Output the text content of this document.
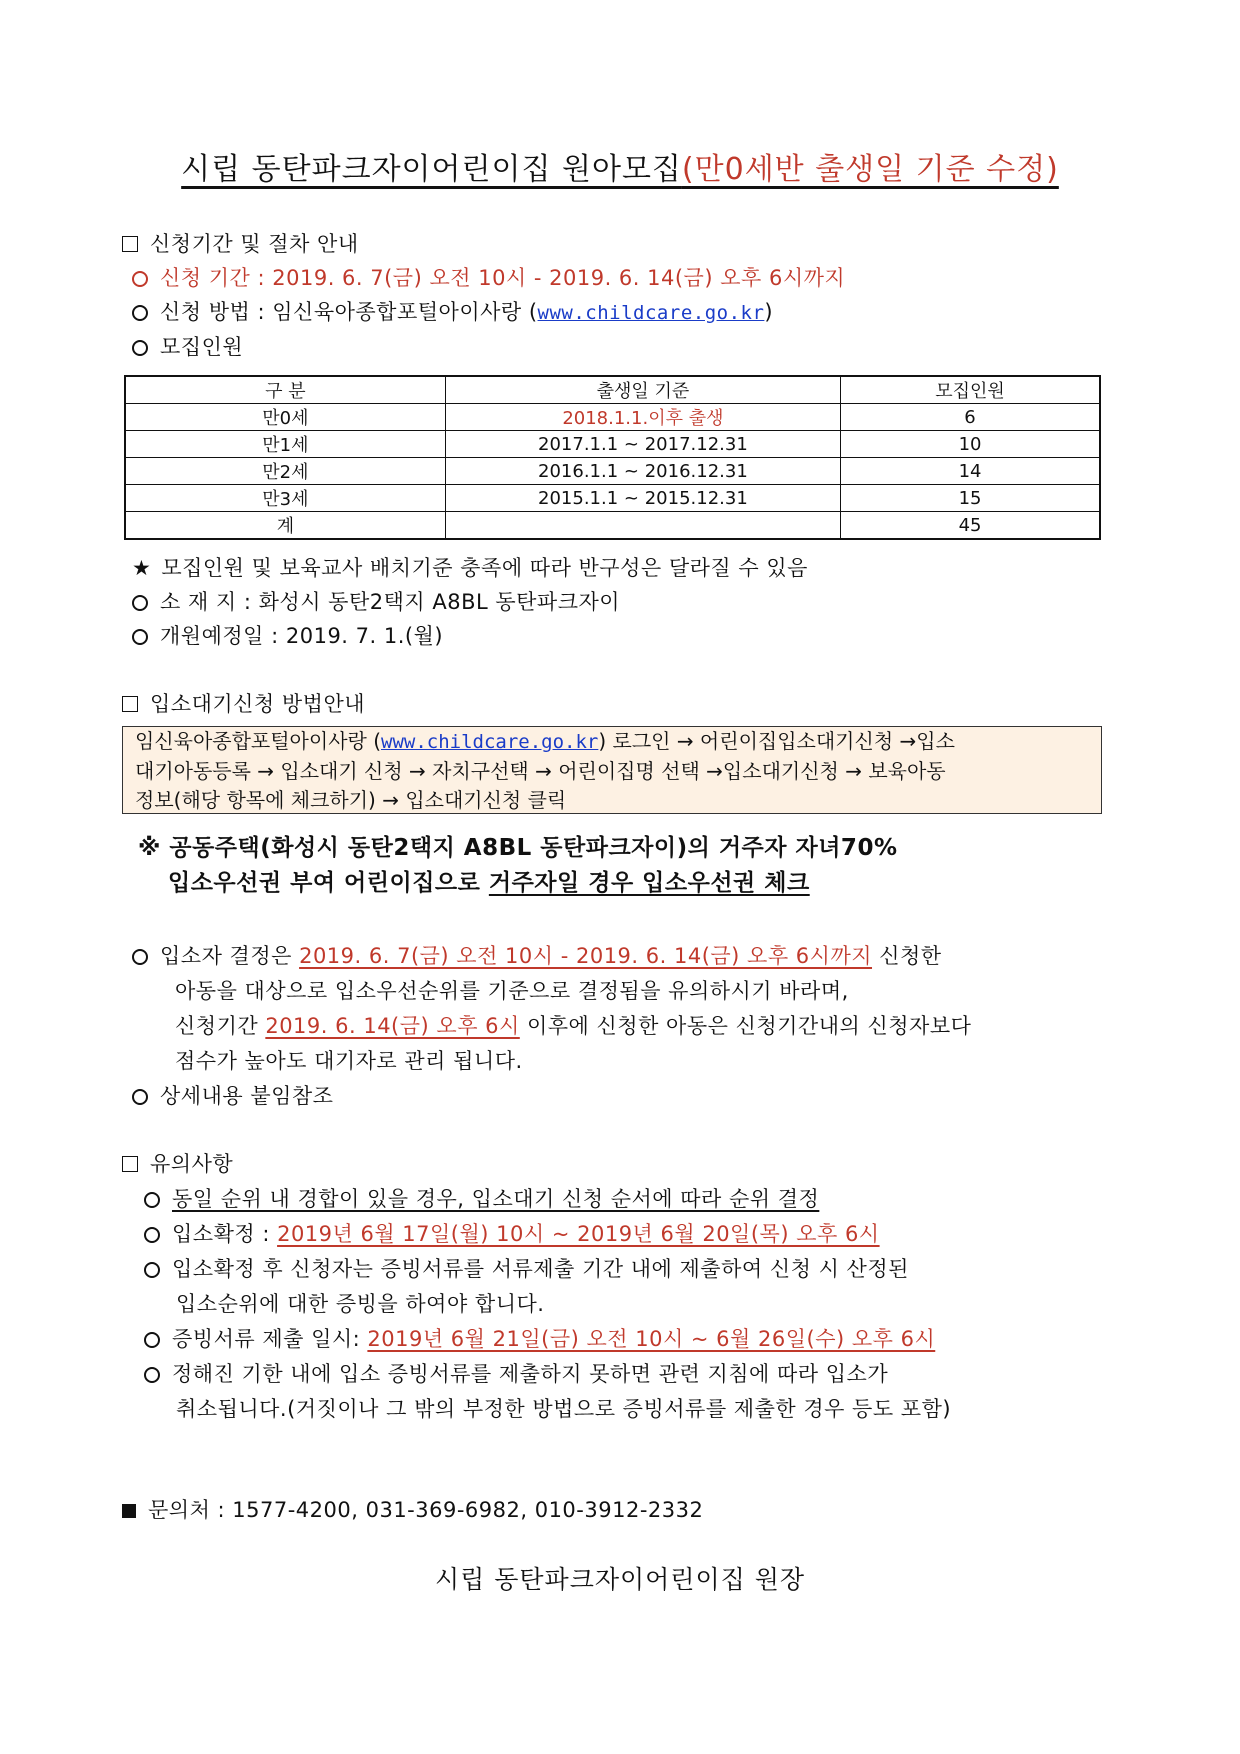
시립 동탄파크자이어린이집 원아모집(만0세반 출생일 기준 수정)
신청기간 및 절차 안내
신청 기간 : 2019. 6. 7(금) 오전 10시 - 2019. 6. 14(금) 오후 6시까지
신청 방법 : 임신육아종합포털아이사랑 (www.childcare.go.kr)
모집인원
구 분	출생일 기준	모집인원
만0세	2018.1.1.이후 출생	6
만1세	2017.1.1 ~ 2017.12.31	10
만2세	2016.1.1 ~ 2016.12.31	14
만3세	2015.1.1 ~ 2015.12.31	15
계		45
★ 모집인원 및 보육교사 배치기준 충족에 따라 반구성은 달라질 수 있음
소 재 지 : 화성시 동탄2택지 A8BL 동탄파크자이
개원예정일 : 2019. 7. 1.(월)
입소대기신청 방법안내
임신육아종합포털아이사랑 (www.childcare.go.kr) 로그인 → 어린이집입소대기신청 →입소
대기아동등록 → 입소대기 신청 → 자치구선택 → 어린이집명 선택 →입소대기신청 → 보육아동
정보(해당 항목에 체크하기) → 입소대기신청 클릭
※ 공동주택(화성시 동탄2택지 A8BL 동탄파크자이)의 거주자 자녀70%
입소우선권 부여 어린이집으로 거주자일 경우 입소우선권 체크
입소자 결정은 2019. 6. 7(금) 오전 10시 - 2019. 6. 14(금) 오후 6시까지 신청한
아동을 대상으로 입소우선순위를 기준으로 결정됨을 유의하시기 바라며,
신청기간 2019. 6. 14(금) 오후 6시 이후에 신청한 아동은 신청기간내의 신청자보다
점수가 높아도 대기자로 관리 됩니다.
상세내용 붙임참조
유의사항
동일 순위 내 경합이 있을 경우, 입소대기 신청 순서에 따라 순위 결정
입소확정 : 2019년 6월 17일(월) 10시 ~ 2019년 6월 20일(목) 오후 6시
입소확정 후 신청자는 증빙서류를 서류제출 기간 내에 제출하여 신청 시 산정된
입소순위에 대한 증빙을 하여야 합니다.
증빙서류 제출 일시: 2019년 6월 21일(금) 오전 10시 ~ 6월 26일(수) 오후 6시
정해진 기한 내에 입소 증빙서류를 제출하지 못하면 관련 지침에 따라 입소가
취소됩니다.(거짓이나 그 밖의 부정한 방법으로 증빙서류를 제출한 경우 등도 포함)
문의처 : 1577-4200, 031-369-6982, 010-3912-2332
시립 동탄파크자이어린이집 원장
